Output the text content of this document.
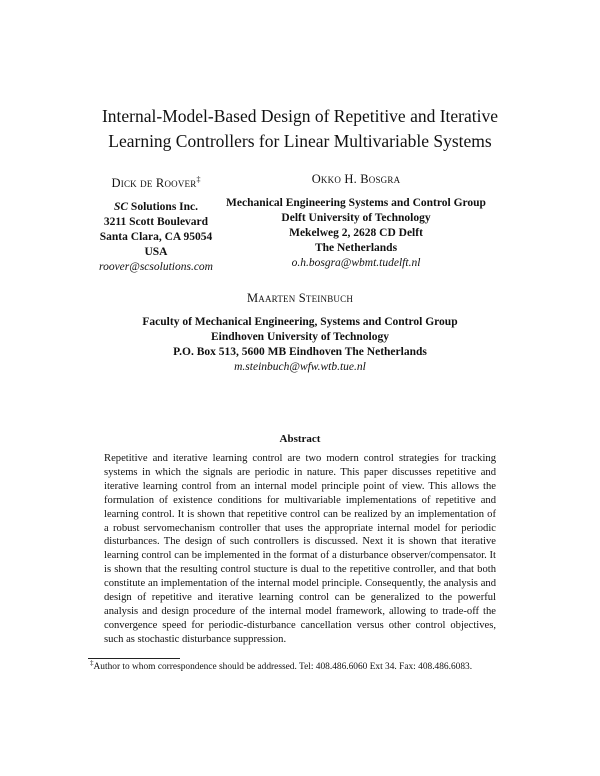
Internal-Model-Based Design of Repetitive and Iterative
Learning Controllers for Linear Multivariable Systems
Dick de Roover‡
SC Solutions Inc.
3211 Scott Boulevard
Santa Clara, CA 95054
USA
roover@scsolutions.com
Okko H. Bosgra
Mechanical Engineering Systems and Control Group
Delft University of Technology
Mekelweg 2, 2628 CD Delft
The Netherlands
o.h.bosgra@wbmt.tudelft.nl
Maarten Steinbuch
Faculty of Mechanical Engineering, Systems and Control Group
Eindhoven University of Technology
P.O. Box 513, 5600 MB Eindhoven The Netherlands
m.steinbuch@wfw.wtb.tue.nl
Abstract
Repetitive and iterative learning control are two modern control strategies for tracking systems in which the signals are periodic in nature. This paper discusses repetitive and iterative learning control from an internal model principle point of view. This allows the formulation of existence conditions for multivariable implementations of repetitive and learning control. It is shown that repetitive control can be realized by an implementation of a robust servomechanism controller that uses the appropriate internal model for periodic disturbances. The design of such controllers is discussed. Next it is shown that iterative learning control can be implemented in the format of a disturbance observer/compensator. It is shown that the resulting control stucture is dual to the repetitive controller, and that both constitute an implementation of the internal model principle. Consequently, the analysis and design of repetitive and iterative learning control can be generalized to the powerful analysis and design procedure of the internal model framework, allowing to trade-off the convergence speed for periodic-disturbance cancellation versus other control objectives, such as stochastic disturbance suppression.
‡Author to whom correspondence should be addressed. Tel: 408.486.6060 Ext 34. Fax: 408.486.6083.
